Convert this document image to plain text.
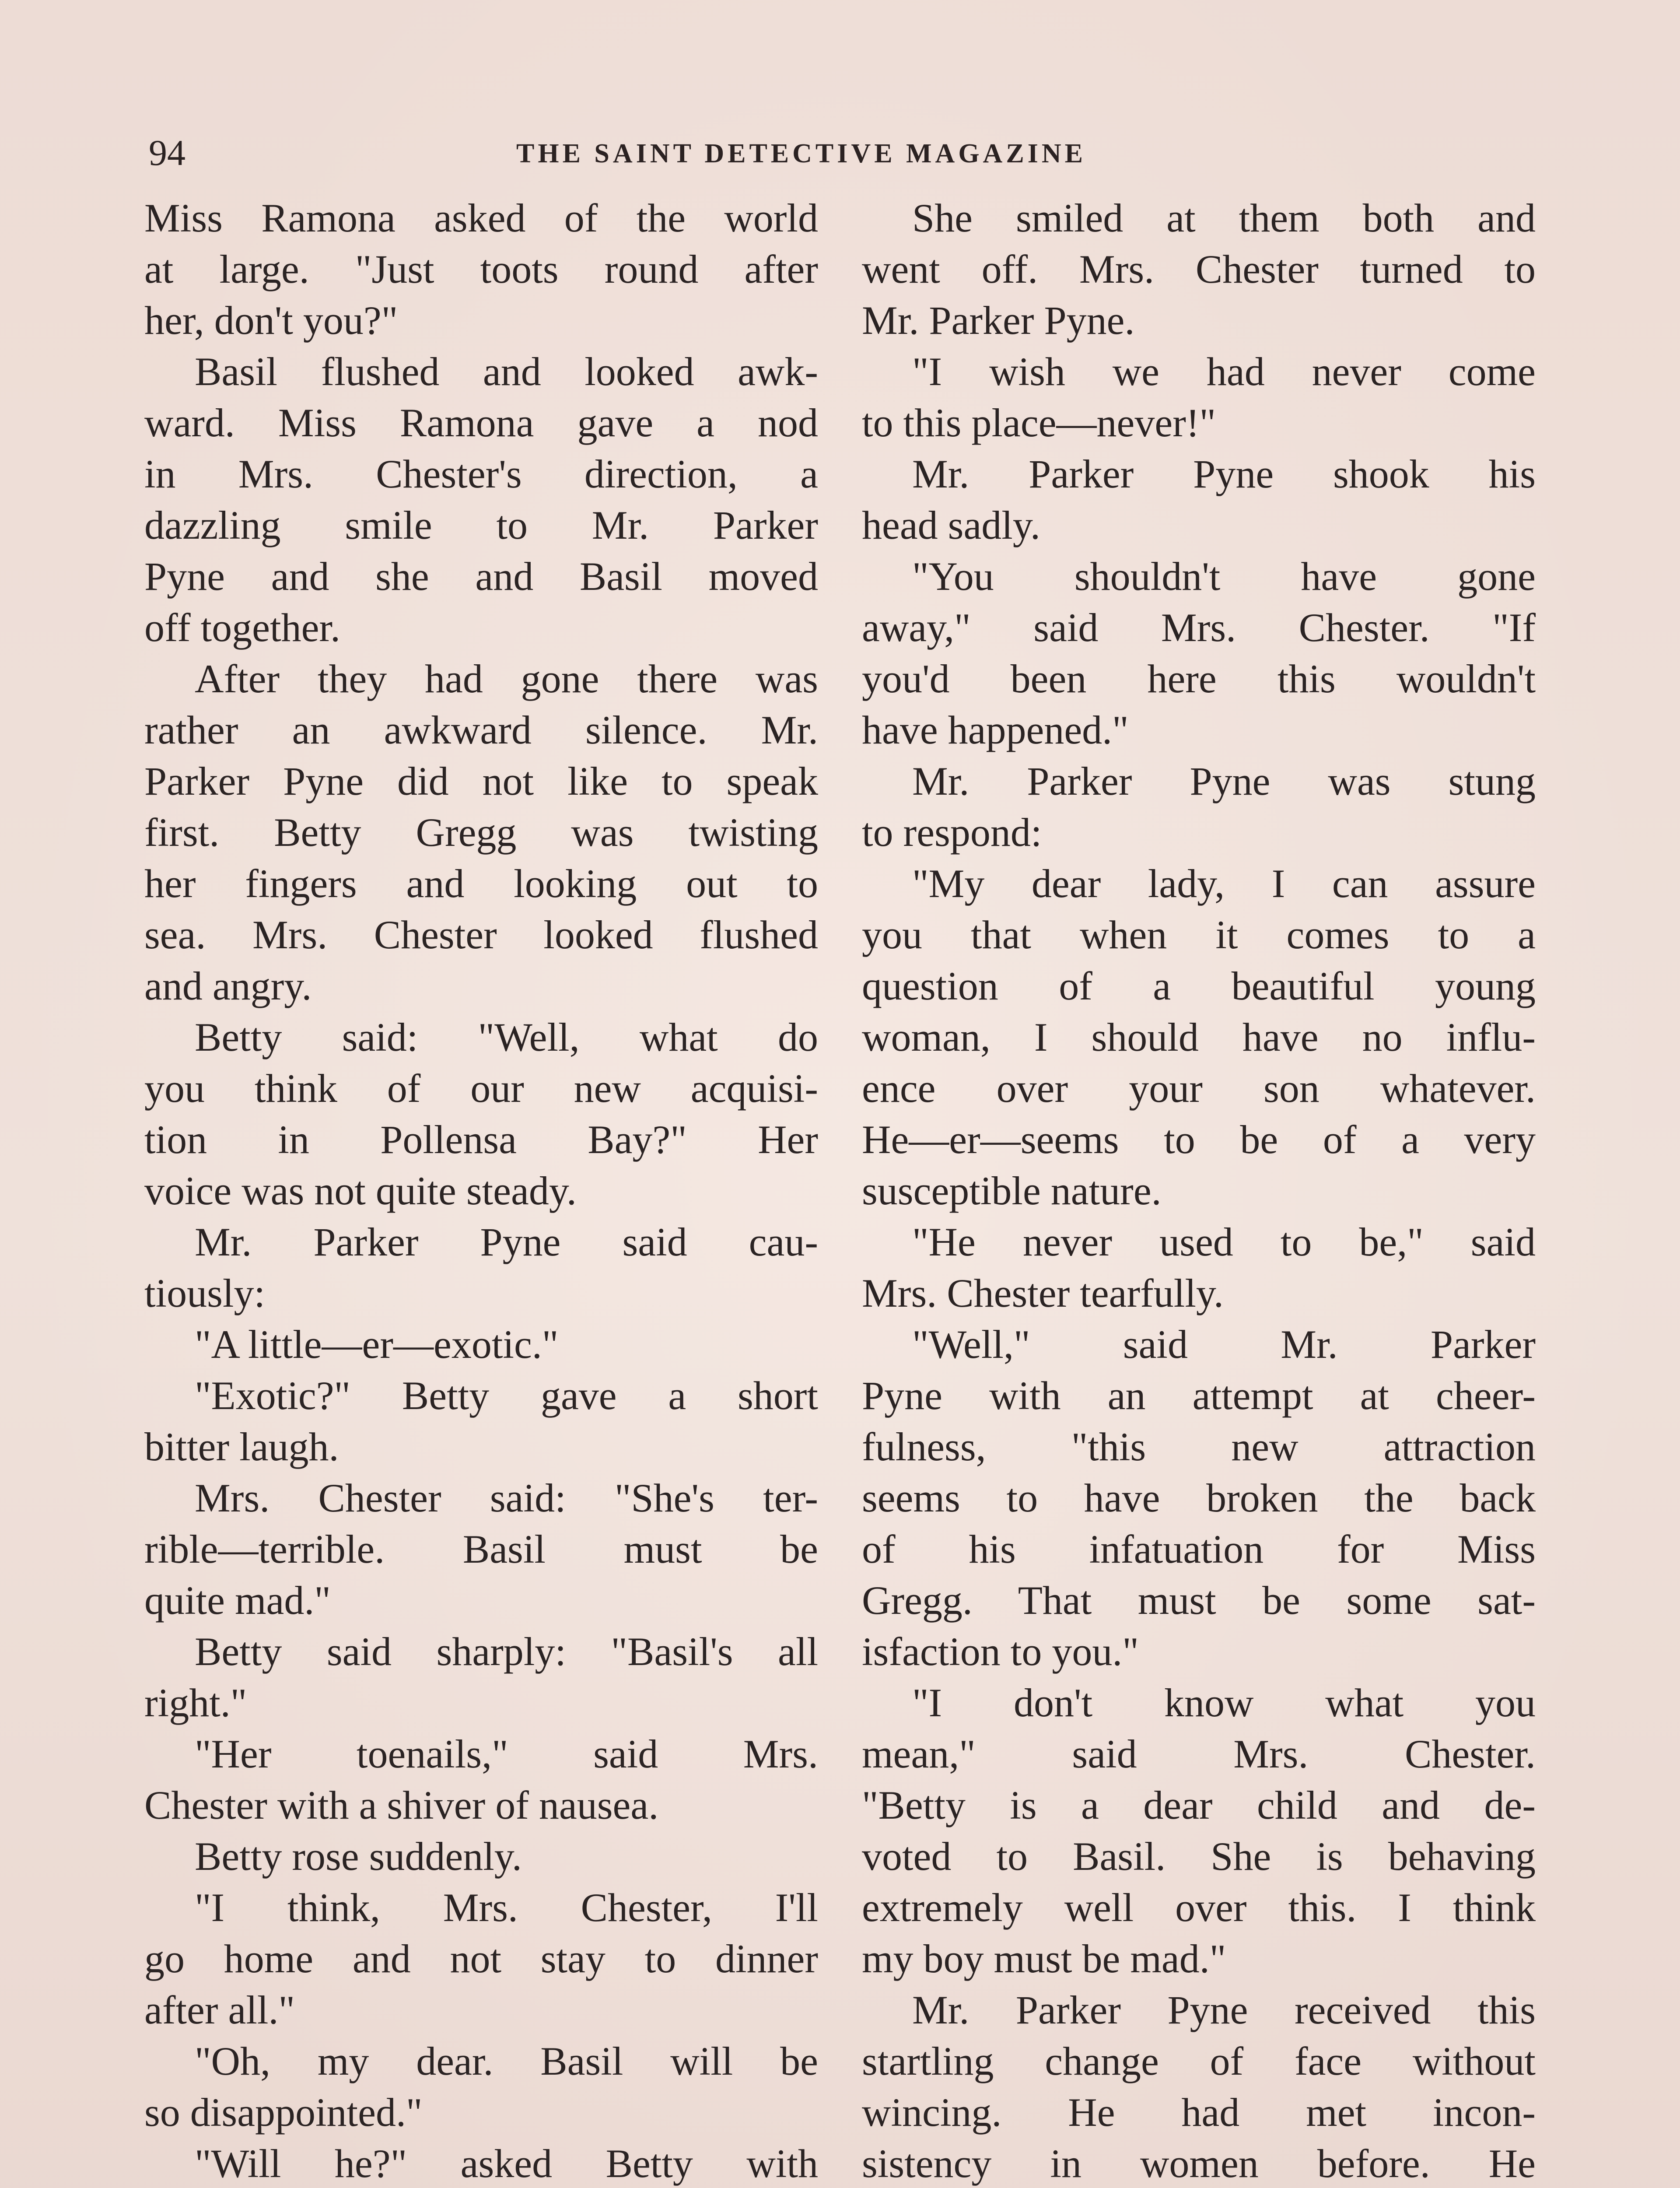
94	THE SAINT DETECTIVE MAGAZINE
Miss Ramona asked of the world
at large. "Just toots round after
her, don't you?"
Basil flushed and looked awk-
ward. Miss Ramona gave a nod
in Mrs. Chester's direction, a
dazzling smile to Mr. Parker
Pyne and she and Basil moved
off together.
After they had gone there was
rather an awkward silence. Mr.
Parker Pyne did not like to speak
first. Betty Gregg was twisting
her fingers and looking out to
sea. Mrs. Chester looked flushed
and angry.
Betty said: "Well, what do
you think of our new acquisi-
tion in Pollensa Bay?" Her
voice was not quite steady.
Mr. Parker Pyne said cau-
tiously:
"A little—er—exotic."
"Exotic?" Betty gave a short
bitter laugh.
Mrs. Chester said: "She's ter-
rible—terrible. Basil must be
quite mad."
Betty said sharply: "Basil's all
right."
"Her toenails," said Mrs.
Chester with a shiver of nausea.
Betty rose suddenly.
"I think, Mrs. Chester, I'll
go home and not stay to dinner
after all."
"Oh, my dear. Basil will be
so disappointed."
"Will he?" asked Betty with
She smiled at them both and
went off. Mrs. Chester turned to
Mr. Parker Pyne.
"I wish we had never come
to this place—never!"
Mr. Parker Pyne shook his
head sadly.
"You shouldn't have gone
away," said Mrs. Chester. "If
you'd been here this wouldn't
have happened."
Mr. Parker Pyne was stung
to respond:
"My dear lady, I can assure
you that when it comes to a
question of a beautiful young
woman, I should have no influ-
ence over your son whatever.
He—er—seems to be of a very
susceptible nature.
"He never used to be," said
Mrs. Chester tearfully.
"Well," said Mr. Parker
Pyne with an attempt at cheer-
fulness, "this new attraction
seems to have broken the back
of his infatuation for Miss
Gregg. That must be some sat-
isfaction to you."
"I don't know what you
mean," said Mrs. Chester.
"Betty is a dear child and de-
voted to Basil. She is behaving
extremely well over this. I think
my boy must be mad."
Mr. Parker Pyne received this
startling change of face without
wincing. He had met incon-
sistency in women before. He
